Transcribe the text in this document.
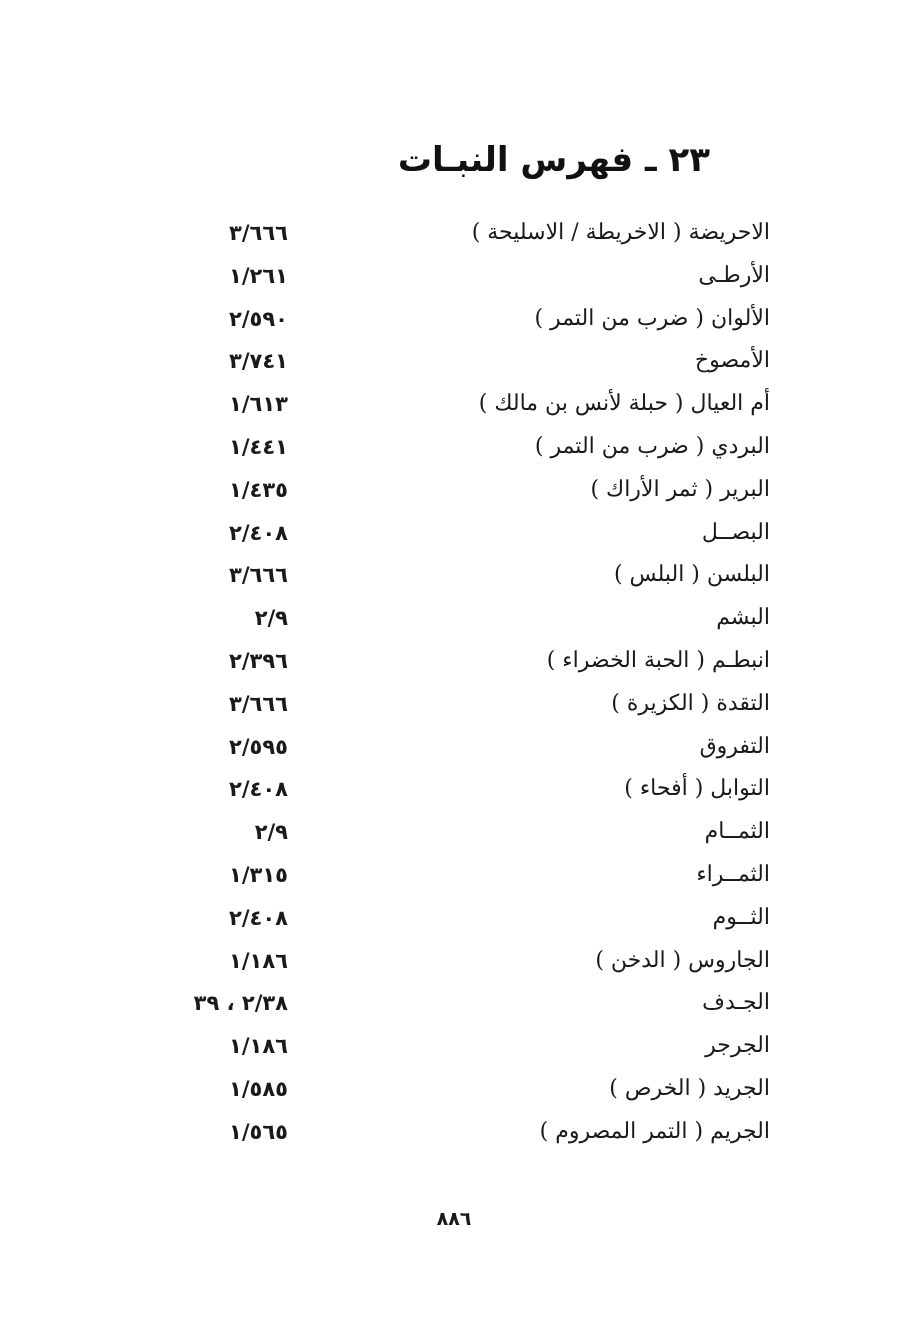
٢٣ ـ فهرس النبـات
الاحريضة ( الاخريطة / الاسليحة )
٣/٦٦٦
الأرطـى
١/٢٦١
الألوان ( ضرب من التمر )
٢/٥٩٠
الأمصوخ
٣/٧٤١
أم العيال ( حبلة لأنس بن مالك )
١/٦١٣
البردي ( ضرب من التمر )
١/٤٤١
البرير ( ثمر الأراك )
١/٤٣٥
البصــل
٢/٤٠٨
البلسن ( البلس )
٣/٦٦٦
البشم
٢/٩
انبطـم ( الحبة الخضراء )
٢/٣٩٦
التقدة ( الكزيرة )
٣/٦٦٦
التفروق
٢/٥٩٥
التوابل ( أفحاء )
٢/٤٠٨
الثمــام
٢/٩
الثمــراء
١/٣١٥
الثــوم
٢/٤٠٨
الجاروس ( الدخن )
١/١٨٦
الجـدف
٢/٣٨ ، ٣٩
الجرجر
١/١٨٦
الجريد ( الخرص )
١/٥٨٥
الجريم ( التمر المصروم )
١/٥٦٥
٨٨٦
